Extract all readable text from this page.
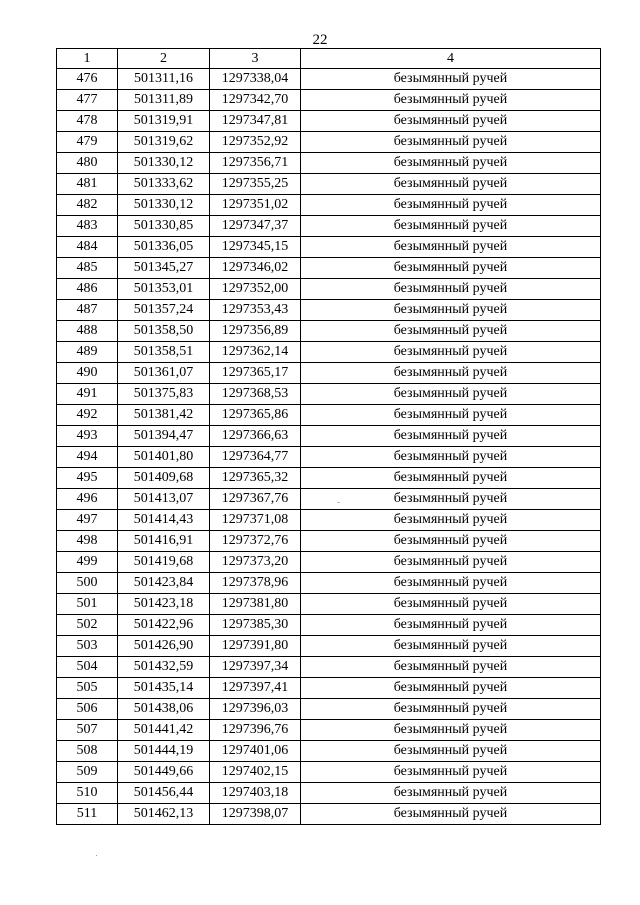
22
1	2	3	4
476	501311,16	1297338,04	безымянный ручей
477	501311,89	1297342,70	безымянный ручей
478	501319,91	1297347,81	безымянный ручей
479	501319,62	1297352,92	безымянный ручей
480	501330,12	1297356,71	безымянный ручей
481	501333,62	1297355,25	безымянный ручей
482	501330,12	1297351,02	безымянный ручей
483	501330,85	1297347,37	безымянный ручей
484	501336,05	1297345,15	безымянный ручей
485	501345,27	1297346,02	безымянный ручей
486	501353,01	1297352,00	безымянный ручей
487	501357,24	1297353,43	безымянный ручей
488	501358,50	1297356,89	безымянный ручей
489	501358,51	1297362,14	безымянный ручей
490	501361,07	1297365,17	безымянный ручей
491	501375,83	1297368,53	безымянный ручей
492	501381,42	1297365,86	безымянный ручей
493	501394,47	1297366,63	безымянный ручей
494	501401,80	1297364,77	безымянный ручей
495	501409,68	1297365,32	безымянный ручей
496	501413,07	1297367,76	безымянный ручей
497	501414,43	1297371,08	безымянный ручей
498	501416,91	1297372,76	безымянный ручей
499	501419,68	1297373,20	безымянный ручей
500	501423,84	1297378,96	безымянный ручей
501	501423,18	1297381,80	безымянный ручей
502	501422,96	1297385,30	безымянный ручей
503	501426,90	1297391,80	безымянный ручей
504	501432,59	1297397,34	безымянный ручей
505	501435,14	1297397,41	безымянный ручей
506	501438,06	1297396,03	безымянный ручей
507	501441,42	1297396,76	безымянный ручей
508	501444,19	1297401,06	безымянный ручей
509	501449,66	1297402,15	безымянный ручей
510	501456,44	1297403,18	безымянный ручей
511	501462,13	1297398,07	безымянный ручей
